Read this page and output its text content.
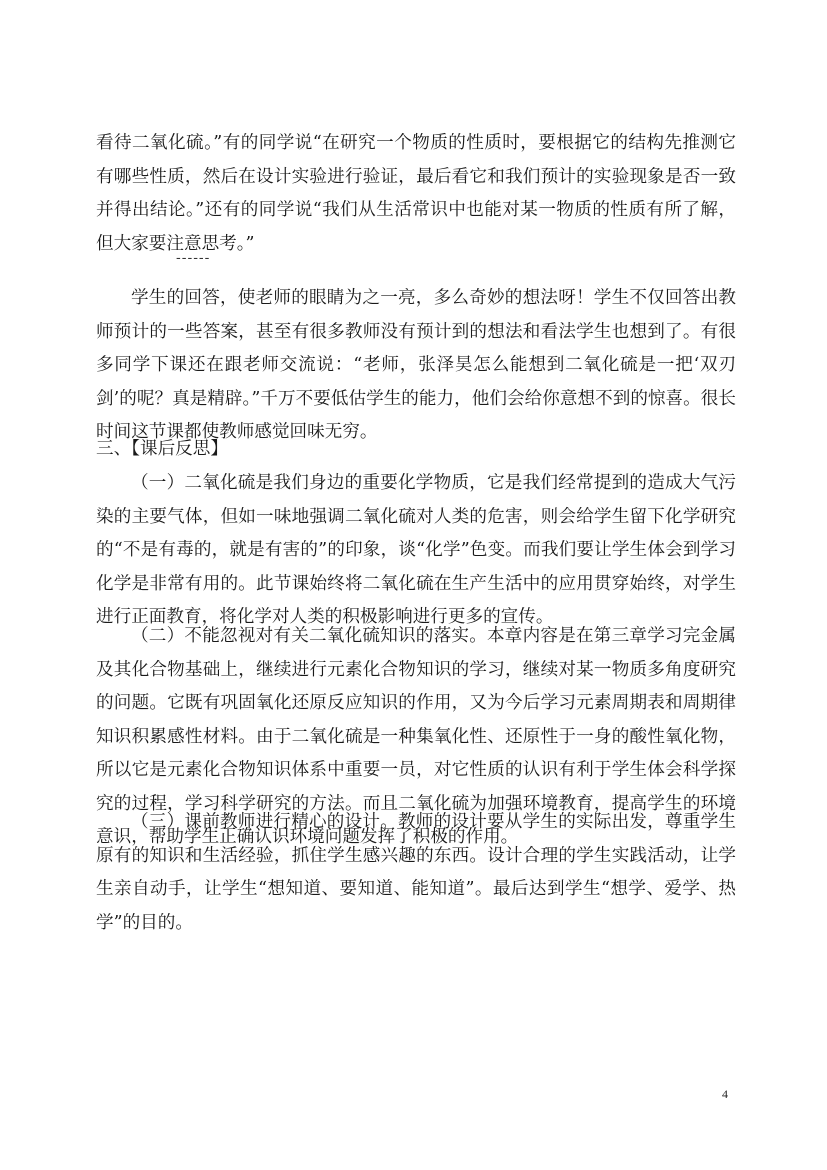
看待二氧化硫。”有的同学说“在研究一个物质的性质时，要根据它的结构先推测它有哪些性质，然后在设计实验进行验证，最后看它和我们预计的实验现象是否一致并得出结论。”还有的同学说“我们从生活常识中也能对某一物质的性质有所了解，但大家要注意思考。”

------

学生的回答，使老师的眼睛为之一亮，多么奇妙的想法呀！学生不仅回答出教师预计的一些答案，甚至有很多教师没有预计到的想法和看法学生也想到了。有很多同学下课还在跟老师交流说：“老师，张泽昊怎么能想到二氧化硫是一把‘双刃剑’的呢？真是精辟。”千万不要低估学生的能力，他们会给你意想不到的惊喜。很长时间这节课都使教师感觉回味无穷。

三、【课后反思】

（一）二氧化硫是我们身边的重要化学物质，它是我们经常提到的造成大气污染的主要气体，但如一味地强调二氧化硫对人类的危害，则会给学生留下化学研究的“不是有毒的，就是有害的”的印象，谈“化学”色变。而我们要让学生体会到学习化学是非常有用的。此节课始终将二氧化硫在生产生活中的应用贯穿始终，对学生进行正面教育，将化学对人类的积极影响进行更多的宣传。

（二）不能忽视对有关二氧化硫知识的落实。本章内容是在第三章学习完金属及其化合物基础上，继续进行元素化合物知识的学习，继续对某一物质多角度研究的问题。它既有巩固氧化还原反应知识的作用，又为今后学习元素周期表和周期律知识积累感性材料。由于二氧化硫是一种集氧化性、还原性于一身的酸性氧化物，所以它是元素化合物知识体系中重要一员，对它性质的认识有利于学生体会科学探究的过程，学习科学研究的方法。而且二氧化硫为加强环境教育，提高学生的环境意识，帮助学生正确认识环境问题发挥了积极的作用。

（三）课前教师进行精心的设计。教师的设计要从学生的实际出发，尊重学生原有的知识和生活经验，抓住学生感兴趣的东西。设计合理的学生实践活动，让学生亲自动手，让学生“想知道、要知道、能知道”。最后达到学生“想学、爱学、热学”的目的。

4
